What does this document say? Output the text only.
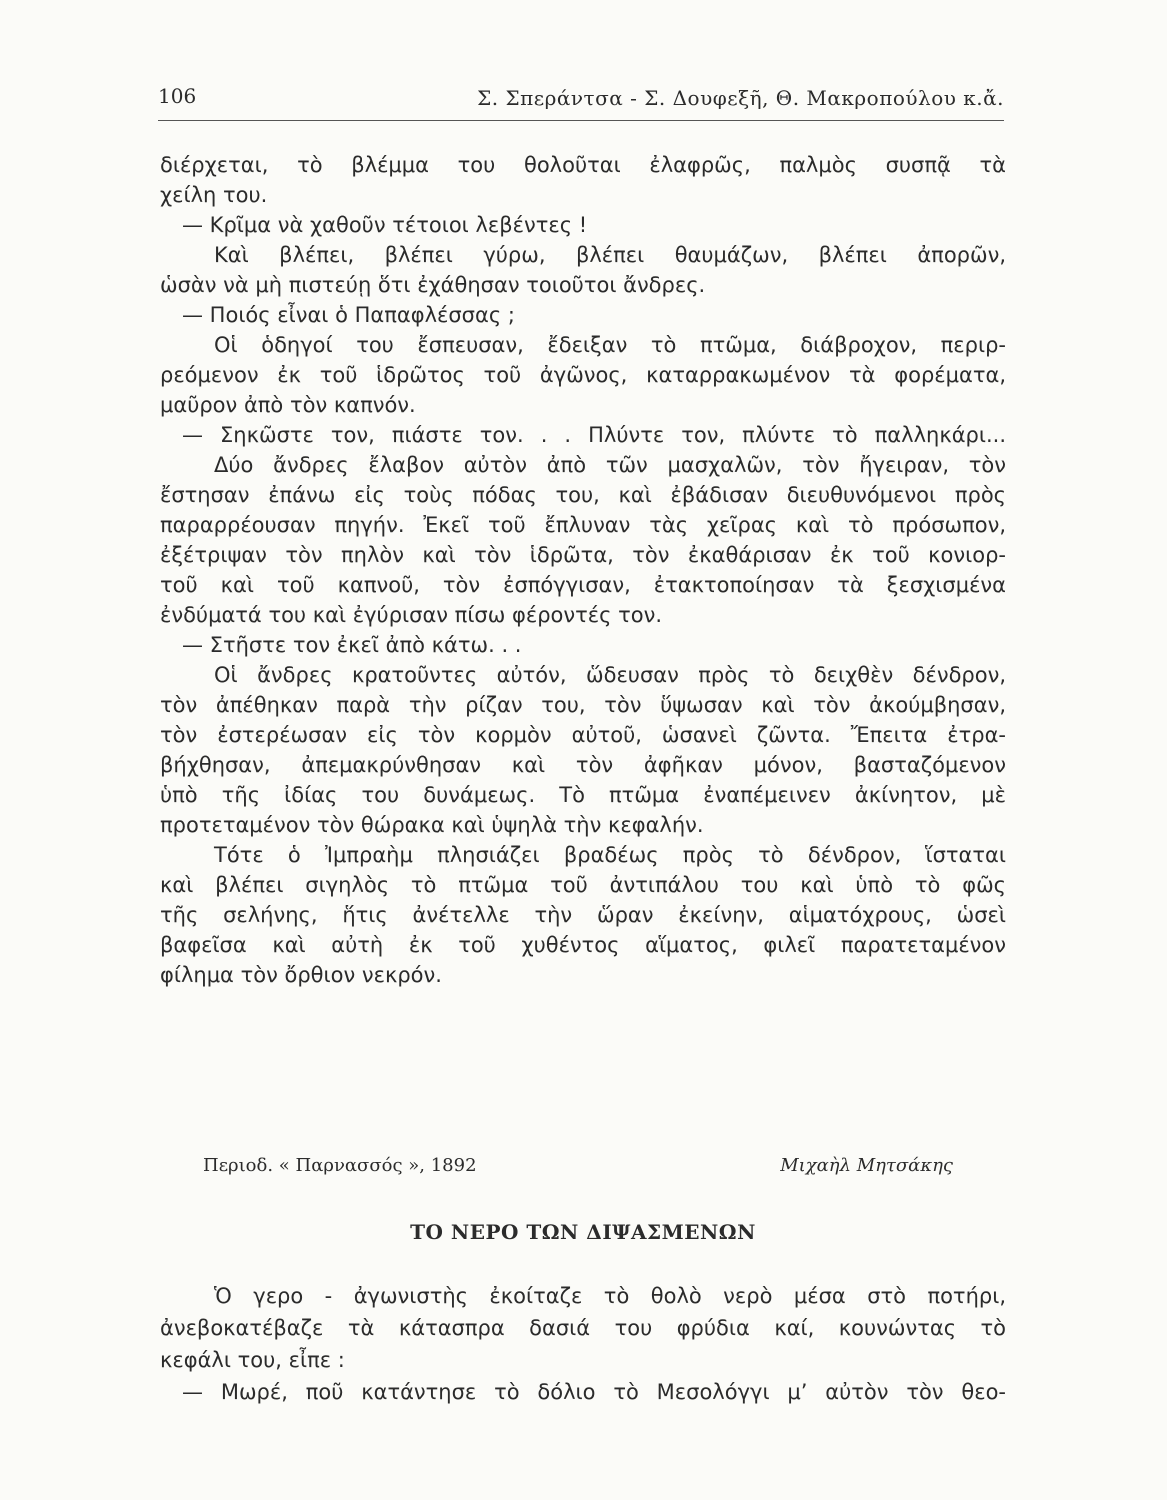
106	Σ. Σπεράντσα - Σ. Δουφεξῆ, Θ. Μακροπούλου κ.ἄ.
διέρχεται, τὸ βλέμμα του θολοῦται ἐλαφρῶς, παλμὸς συσπᾷ τὰ
χείλη του.
— Κρῖμα νὰ χαθοῦν τέτοιοι λεβέντες !
Καὶ βλέπει, βλέπει γύρω, βλέπει θαυμάζων, βλέπει ἀπορῶν,
ὡσὰν νὰ μὴ πιστεύῃ ὅτι ἐχάθησαν τοιοῦτοι ἄνδρες.
— Ποιός εἶναι ὁ Παπαφλέσσας ;
Οἱ ὁδηγοί του ἔσπευσαν, ἔδειξαν τὸ πτῶμα, διάβροχον, περιρ-
ρεόμενον ἐκ τοῦ ἱδρῶτος τοῦ ἀγῶνος, καταρρακωμένον τὰ φορέματα,
μαῦρον ἀπὸ τὸν καπνόν.
— Σηκῶστε τον, πιάστε τον. . . Πλύντε τον, πλύντε τὸ παλληκάρι...
Δύο ἄνδρες ἔλαβον αὐτὸν ἀπὸ τῶν μασχαλῶν, τὸν ἤγειραν, τὸν
ἔστησαν ἐπάνω εἰς τοὺς πόδας του, καὶ ἐβάδισαν διευθυνόμενοι πρὸς
παραρρέουσαν πηγήν. Ἐκεῖ τοῦ ἔπλυναν τὰς χεῖρας καὶ τὸ πρόσωπον,
ἐξέτριψαν τὸν πηλὸν καὶ τὸν ἱδρῶτα, τὸν ἐκαθάρισαν ἐκ τοῦ κονιορ-
τοῦ καὶ τοῦ καπνοῦ, τὸν ἐσπόγγισαν, ἐτακτοποίησαν τὰ ξεσχισμένα
ἐνδύματά του καὶ ἐγύρισαν πίσω φέροντές τον.
— Στῆστε τον ἐκεῖ ἀπὸ κάτω. . .
Οἱ ἄνδρες κρατοῦντες αὐτόν, ὥδευσαν πρὸς τὸ δειχθὲν δένδρον,
τὸν ἀπέθηκαν παρὰ τὴν ρίζαν του, τὸν ὕψωσαν καὶ τὸν ἀκούμβησαν,
τὸν ἐστερέωσαν εἰς τὸν κορμὸν αὐτοῦ, ὡσανεὶ ζῶντα. Ἔπειτα ἐτρα-
βήχθησαν, ἀπεμακρύνθησαν καὶ τὸν ἀφῆκαν μόνον, βασταζόμενον
ὑπὸ τῆς ἰδίας του δυνάμεως. Τὸ πτῶμα ἐναπέμεινεν ἀκίνητον, μὲ
προτεταμένον τὸν θώρακα καὶ ὑψηλὰ τὴν κεφαλήν.
Τότε ὁ Ἰμπραὴμ πλησιάζει βραδέως πρὸς τὸ δένδρον, ἵσταται
καὶ βλέπει σιγηλὸς τὸ πτῶμα τοῦ ἀντιπάλου του καὶ ὑπὸ τὸ φῶς
τῆς σελήνης, ἥτις ἀνέτελλε τὴν ὥραν ἐκείνην, αἱματόχρους, ὡσεὶ
βαφεῖσα καὶ αὐτὴ ἐκ τοῦ χυθέντος αἵματος, φιλεῖ παρατεταμένον
φίλημα τὸν ὄρθιον νεκρόν.
Περιοδ. « Παρνασσός », 1892	Μιχαὴλ Μητσάκης
ΤΟ ΝΕΡΟ ΤΩΝ ΔΙΨΑΣΜΕΝΩΝ
Ὁ γερο - ἀγωνιστὴς ἐκοίταζε τὸ θολὸ νερὸ μέσα στὸ ποτήρι,
ἀνεβοκατέβαζε τὰ κάτασπρα δασιά του φρύδια καί, κουνώντας τὸ
κεφάλι του, εἶπε :
— Μωρέ, ποῦ κατάντησε τὸ δόλιο τὸ Μεσολόγγι μ’ αὐτὸν τὸν θεο-
